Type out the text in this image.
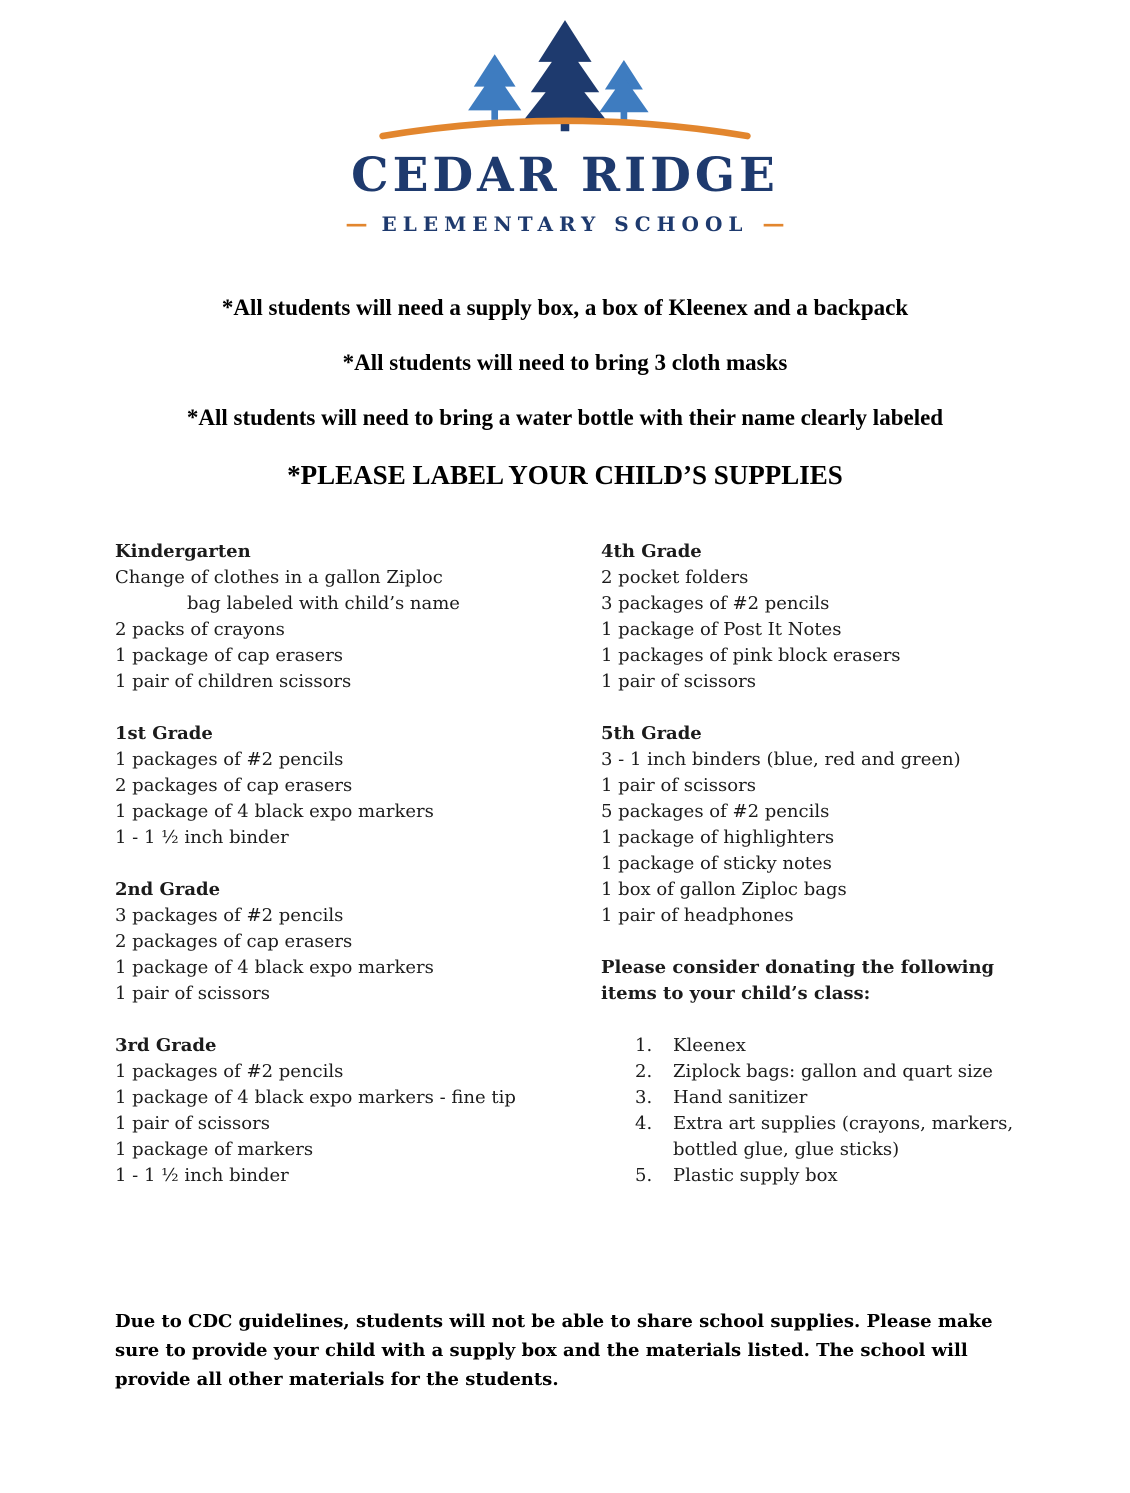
CEDAR RIDGE
— ELEMENTARY SCHOOL —
*All students will need a supply box, a box of Kleenex and a backpack
*All students will need to bring 3 cloth masks
*All students will need to bring a water bottle with their name clearly labeled
*PLEASE LABEL YOUR CHILD’S SUPPLIES
Kindergarten
Change of clothes in a gallon Ziploc
bag labeled with child’s name
2 packs of crayons
1 package of cap erasers
1 pair of children scissors
1st Grade
1 packages of #2 pencils
2 packages of cap erasers
1 package of 4 black expo markers
1 - 1 ½ inch binder
2nd Grade
3 packages of #2 pencils
2 packages of cap erasers
1 package of 4 black expo markers
1 pair of scissors
3rd Grade
1 packages of #2 pencils
1 package of 4 black expo markers - fine tip
1 pair of scissors
1 package of markers
1 - 1 ½ inch binder
4th Grade
2 pocket folders
3 packages of #2 pencils
1 package of Post It Notes
1 packages of pink block erasers
1 pair of scissors
5th Grade
3 - 1 inch binders (blue, red and green)
1 pair of scissors
5 packages of #2 pencils
1 package of highlighters
1 package of sticky notes
1 box of gallon Ziploc bags
1 pair of headphones
Please consider donating the following items to your child’s class:
1.	Kleenex
2.	Ziplock bags: gallon and quart size
3.	Hand sanitizer
4.	Extra art supplies (crayons, markers, bottled glue, glue sticks)
5.	Plastic supply box

Due to CDC guidelines, students will not be able to share school supplies. Please make sure to provide your child with a supply box and the materials listed. The school will provide all other materials for the students.
